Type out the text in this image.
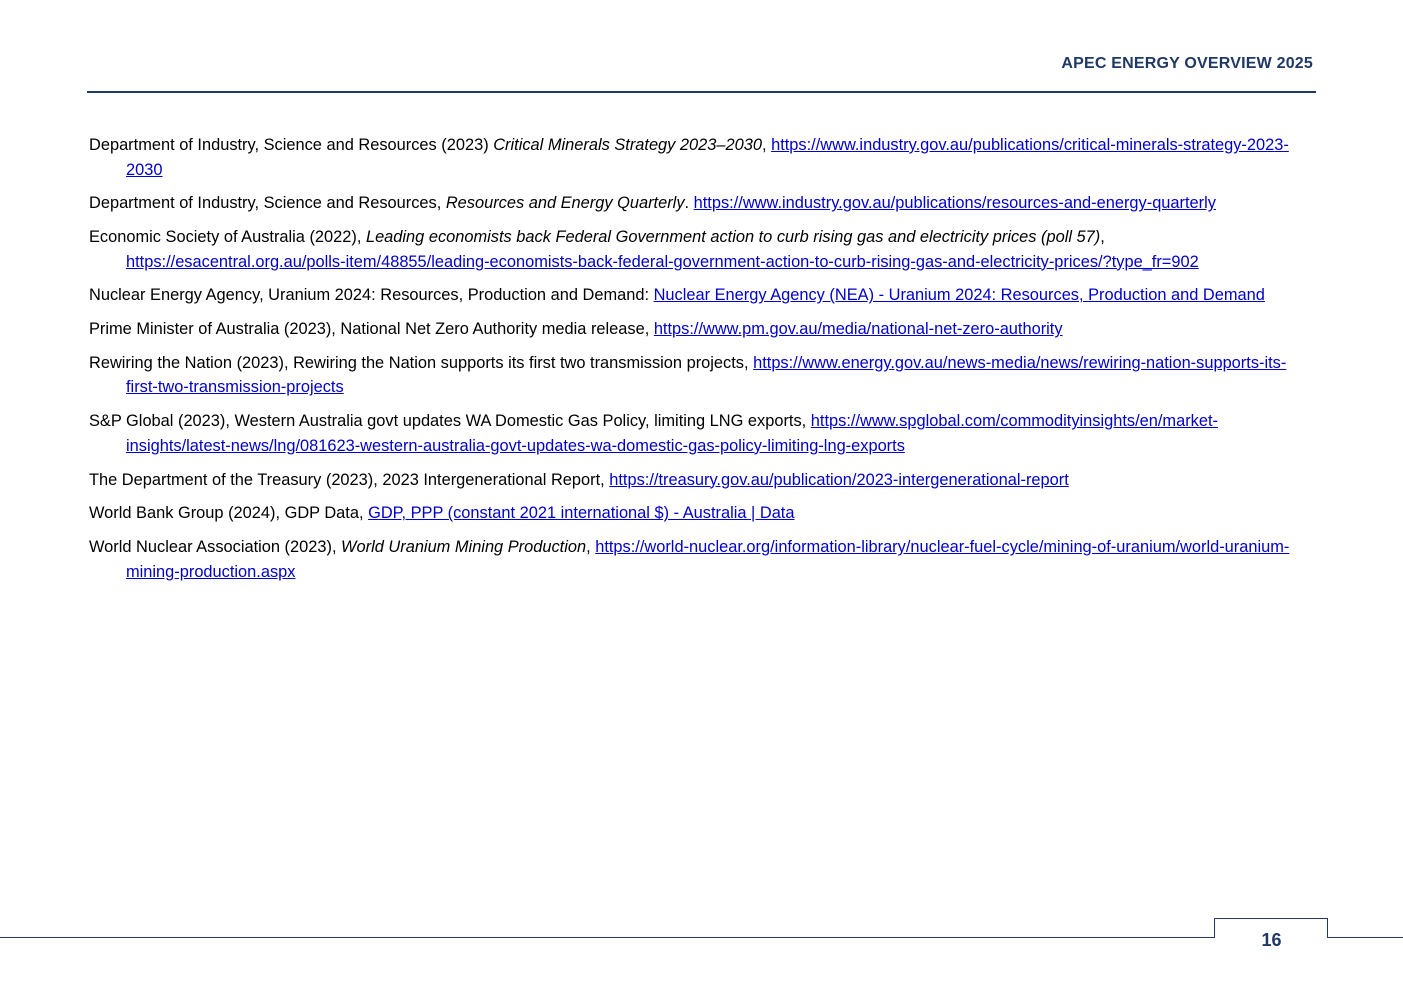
APEC ENERGY OVERVIEW 2025
Department of Industry, Science and Resources (2023) Critical Minerals Strategy 2023–2030, https://www.industry.gov.au/publications/critical-minerals-strategy-2023-2030
Department of Industry, Science and Resources, Resources and Energy Quarterly. https://www.industry.gov.au/publications/resources-and-energy-quarterly
Economic Society of Australia (2022), Leading economists back Federal Government action to curb rising gas and electricity prices (poll 57), https://esacentral.org.au/polls-item/48855/leading-economists-back-federal-government-action-to-curb-rising-gas-and-electricity-prices/?type_fr=902
Nuclear Energy Agency, Uranium 2024: Resources, Production and Demand: Nuclear Energy Agency (NEA) - Uranium 2024: Resources, Production and Demand
Prime Minister of Australia (2023), National Net Zero Authority media release, https://www.pm.gov.au/media/national-net-zero-authority
Rewiring the Nation (2023), Rewiring the Nation supports its first two transmission projects, https://www.energy.gov.au/news-media/news/rewiring-nation-supports-its-first-two-transmission-projects
S&P Global (2023), Western Australia govt updates WA Domestic Gas Policy, limiting LNG exports, https://www.spglobal.com/commodityinsights/en/market-insights/latest-news/lng/081623-western-australia-govt-updates-wa-domestic-gas-policy-limiting-lng-exports
The Department of the Treasury (2023), 2023 Intergenerational Report, https://treasury.gov.au/publication/2023-intergenerational-report
World Bank Group (2024), GDP Data, GDP, PPP (constant 2021 international $) - Australia | Data
World Nuclear Association (2023), World Uranium Mining Production, https://world-nuclear.org/information-library/nuclear-fuel-cycle/mining-of-uranium/world-uranium-mining-production.aspx
16
